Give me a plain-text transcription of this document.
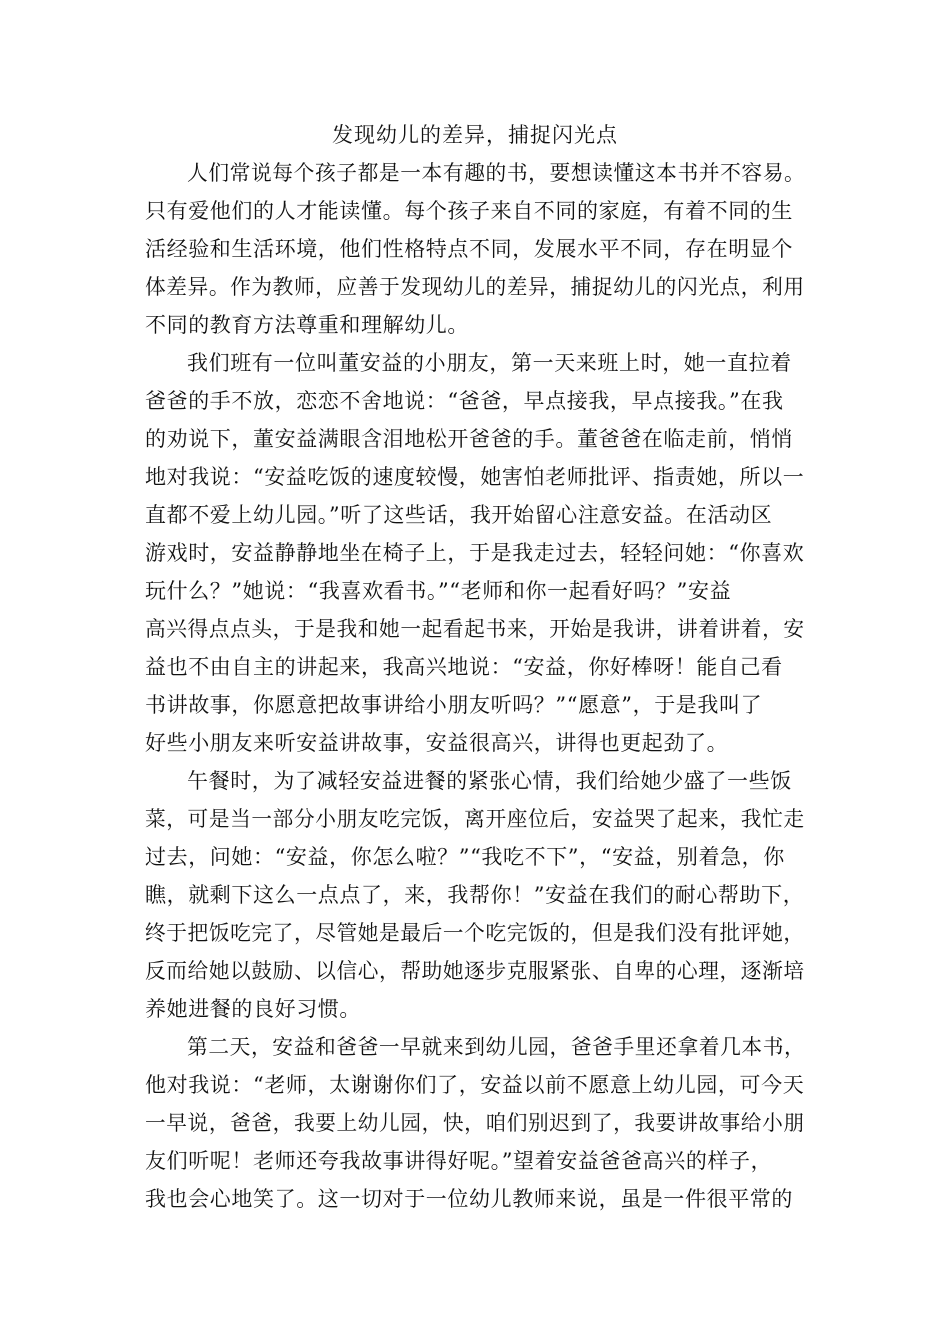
发现幼儿的差异，捕捉闪光点
人们常说每个孩子都是一本有趣的书，要想读懂这本书并不容易。
只有爱他们的人才能读懂。每个孩子来自不同的家庭，有着不同的生
活经验和生活环境，他们性格特点不同，发展水平不同，存在明显个
体差异。作为教师，应善于发现幼儿的差异，捕捉幼儿的闪光点，利用
不同的教育方法尊重和理解幼儿。
我们班有一位叫董安益的小朋友，第一天来班上时，她一直拉着
爸爸的手不放，恋恋不舍地说：“爸爸，早点接我，早点接我。”在我
的劝说下，董安益满眼含泪地松开爸爸的手。董爸爸在临走前，悄悄
地对我说：“安益吃饭的速度较慢，她害怕老师批评、指责她，所以一
直都不爱上幼儿园。”听了这些话，我开始留心注意安益。在活动区
游戏时，安益静静地坐在椅子上，于是我走过去，轻轻问她：“你喜欢
玩什么？”她说：“我喜欢看书。”“老师和你一起看好吗？”安益
高兴得点点头，于是我和她一起看起书来，开始是我讲，讲着讲着，安
益也不由自主的讲起来，我高兴地说：“安益，你好棒呀！能自己看
书讲故事，你愿意把故事讲给小朋友听吗？”“愿意”，于是我叫了
好些小朋友来听安益讲故事，安益很高兴，讲得也更起劲了。
午餐时，为了减轻安益进餐的紧张心情，我们给她少盛了一些饭
菜，可是当一部分小朋友吃完饭，离开座位后，安益哭了起来，我忙走
过去，问她：“安益，你怎么啦？”“我吃不下”，“安益，别着急，你
瞧，就剩下这么一点点了，来，我帮你！”安益在我们的耐心帮助下，
终于把饭吃完了，尽管她是最后一个吃完饭的，但是我们没有批评她，
反而给她以鼓励、以信心，帮助她逐步克服紧张、自卑的心理，逐渐培
养她进餐的良好习惯。
第二天，安益和爸爸一早就来到幼儿园，爸爸手里还拿着几本书，
他对我说：“老师，太谢谢你们了，安益以前不愿意上幼儿园，可今天
一早说，爸爸，我要上幼儿园，快，咱们别迟到了，我要讲故事给小朋
友们听呢！老师还夸我故事讲得好呢。”望着安益爸爸高兴的样子，
我也会心地笑了。这一切对于一位幼儿教师来说，虽是一件很平常的
